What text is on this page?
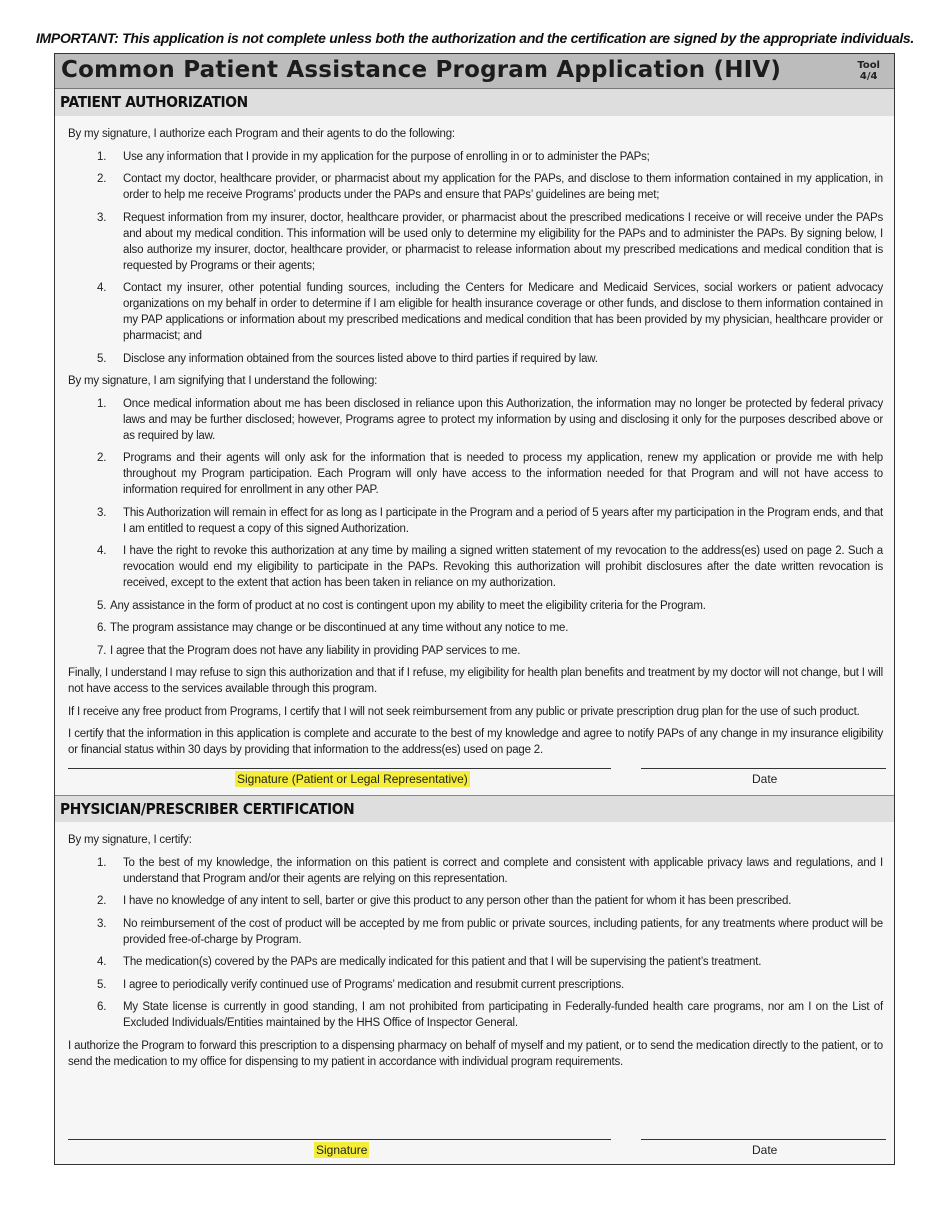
IMPORTANT: This application is not complete unless both the authorization and the certification are signed by the appropriate individuals.
Common Patient Assistance Program Application (HIV)	Tool
4/4
PATIENT AUTHORIZATION

By my signature, I authorize each Program and their agents to do the following:

1. Use any information that I provide in my application for the purpose of enrolling in or to administer the PAPs;
2. Contact my doctor, healthcare provider, or pharmacist about my application for the PAPs, and disclose to them information contained in my application, in order to help me receive Programs’ products under the PAPs and ensure that PAPs’ guidelines are being met;
3. Request information from my insurer, doctor, healthcare provider, or pharmacist about the prescribed medications I receive or will receive under the PAPs and about my medical condition. This information will be used only to determine my eligibility for the PAPs and to administer the PAPs. By signing below, I also authorize my insurer, doctor, healthcare provider, or pharmacist to release information about my prescribed medications and medical condition that is requested by Programs or their agents;
4. Contact my insurer, other potential funding sources, including the Centers for Medicare and Medicaid Services, social workers or patient advocacy organizations on my behalf in order to determine if I am eligible for health insurance coverage or other funds, and disclose to them information contained in my PAP applications or information about my prescribed medications and medical condition that has been provided by my physician, healthcare provider or pharmacist; and
5. Disclose any information obtained from the sources listed above to third parties if required by law.

By my signature, I am signifying that I understand the following:

1. Once medical information about me has been disclosed in reliance upon this Authorization, the information may no longer be protected by federal privacy laws and may be further disclosed; however, Programs agree to protect my information by using and disclosing it only for the purposes described above or as required by law.
2. Programs and their agents will only ask for the information that is needed to process my application, renew my application or provide me with help throughout my Program participation. Each Program will only have access to the information needed for that Program and will not have access to information required for enrollment in any other PAP.
3. This Authorization will remain in effect for as long as I participate in the Program and a period of 5 years after my participation in the Program ends, and that I am entitled to request a copy of this signed Authorization.
4. I have the right to revoke this authorization at any time by mailing a signed written statement of my revocation to the address(es) used on page 2. Such a revocation would end my eligibility to participate in the PAPs. Revoking this authorization will prohibit disclosures after the date written revocation is received, except to the extent that action has been taken in reliance on my authorization.
5. Any assistance in the form of product at no cost is contingent upon my ability to meet the eligibility criteria for the Program.
6. The program assistance may change or be discontinued at any time without any notice to me.
7. I agree that the Program does not have any liability in providing PAP services to me.

Finally, I understand I may refuse to sign this authorization and that if I refuse, my eligibility for health plan benefits and treatment by my doctor will not change, but I will not have access to the services available through this program.

If I receive any free product from Programs, I certify that I will not seek reimbursement from any public or private prescription drug plan for the use of such product.

I certify that the information in this application is complete and accurate to the best of my knowledge and agree to notify PAPs of any change in my insurance eligibility or financial status within 30 days by providing that information to the address(es) used on page 2.

Signature (Patient or Legal Representative)	Date
PHYSICIAN/PRESCRIBER CERTIFICATION

By my signature, I certify:

1. To the best of my knowledge, the information on this patient is correct and complete and consistent with applicable privacy laws and regulations, and I understand that Program and/or their agents are relying on this representation.
2. I have no knowledge of any intent to sell, barter or give this product to any person other than the patient for whom it has been prescribed.
3. No reimbursement of the cost of product will be accepted by me from public or private sources, including patients, for any treatments where product will be provided free-of-charge by Program.
4. The medication(s) covered by the PAPs are medically indicated for this patient and that I will be supervising the patient’s treatment.
5. I agree to periodically verify continued use of Programs’ medication and resubmit current prescriptions.
6. My State license is currently in good standing, I am not prohibited from participating in Federally-funded health care programs, nor am I on the List of Excluded Individuals/Entities maintained by the HHS Office of Inspector General.

I authorize the Program to forward this prescription to a dispensing pharmacy on behalf of myself and my patient, or to send the medication directly to the patient, or to send the medication to my office for dispensing to my patient in accordance with individual program requirements.

Signature	Date
